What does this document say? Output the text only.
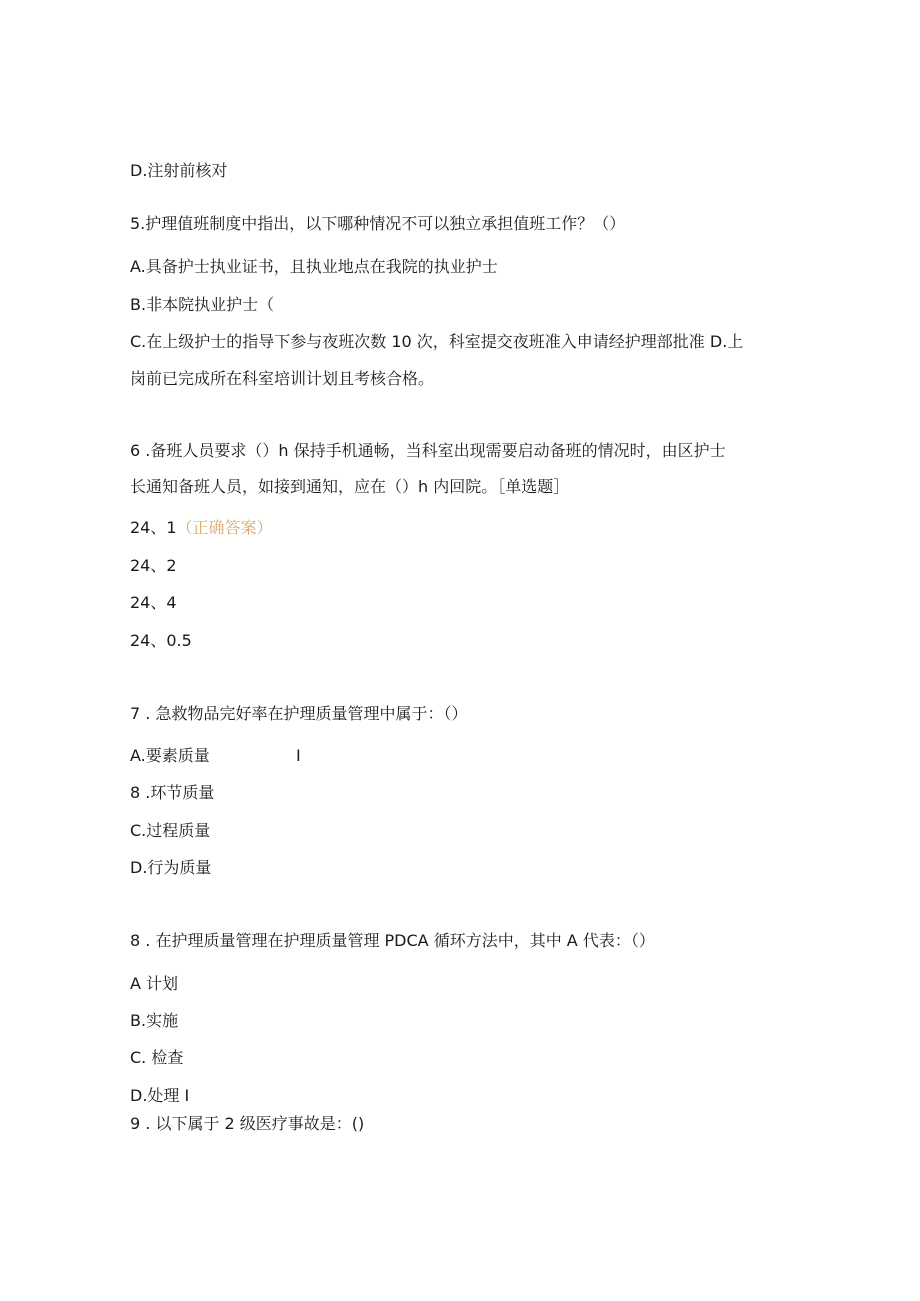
D.注射前核对
5.护理值班制度中指出，以下哪种情况不可以独立承担值班工作？（）
A.具备护士执业证书，且执业地点在我院的执业护士
B.非本院执业护士（
C.在上级护士的指导下参与夜班次数 10 次，科室提交夜班准入申请经护理部批准 D.上
岗前已完成所在科室培训计划且考核合格。
6 .备班人员要求（）h 保持手机通畅，当科室出现需要启动备班的情况时，由区护士
长通知备班人员，如接到通知，应在（）h 内回院。［单选题］
24、1（正确答案）
24、2
24、4
24、0.5
7 . 急救物品完好率在护理质量管理中属于：（）
A.要素质量	I
8 .环节质量
C.过程质量
D.行为质量
8 . 在护理质量管理在护理质量管理 PDCA 循环方法中，其中 A 代表：（）
A 计划
B.实施
C. 检查
D.处理 I
9 . 以下属于 2 级医疗事故是：()
